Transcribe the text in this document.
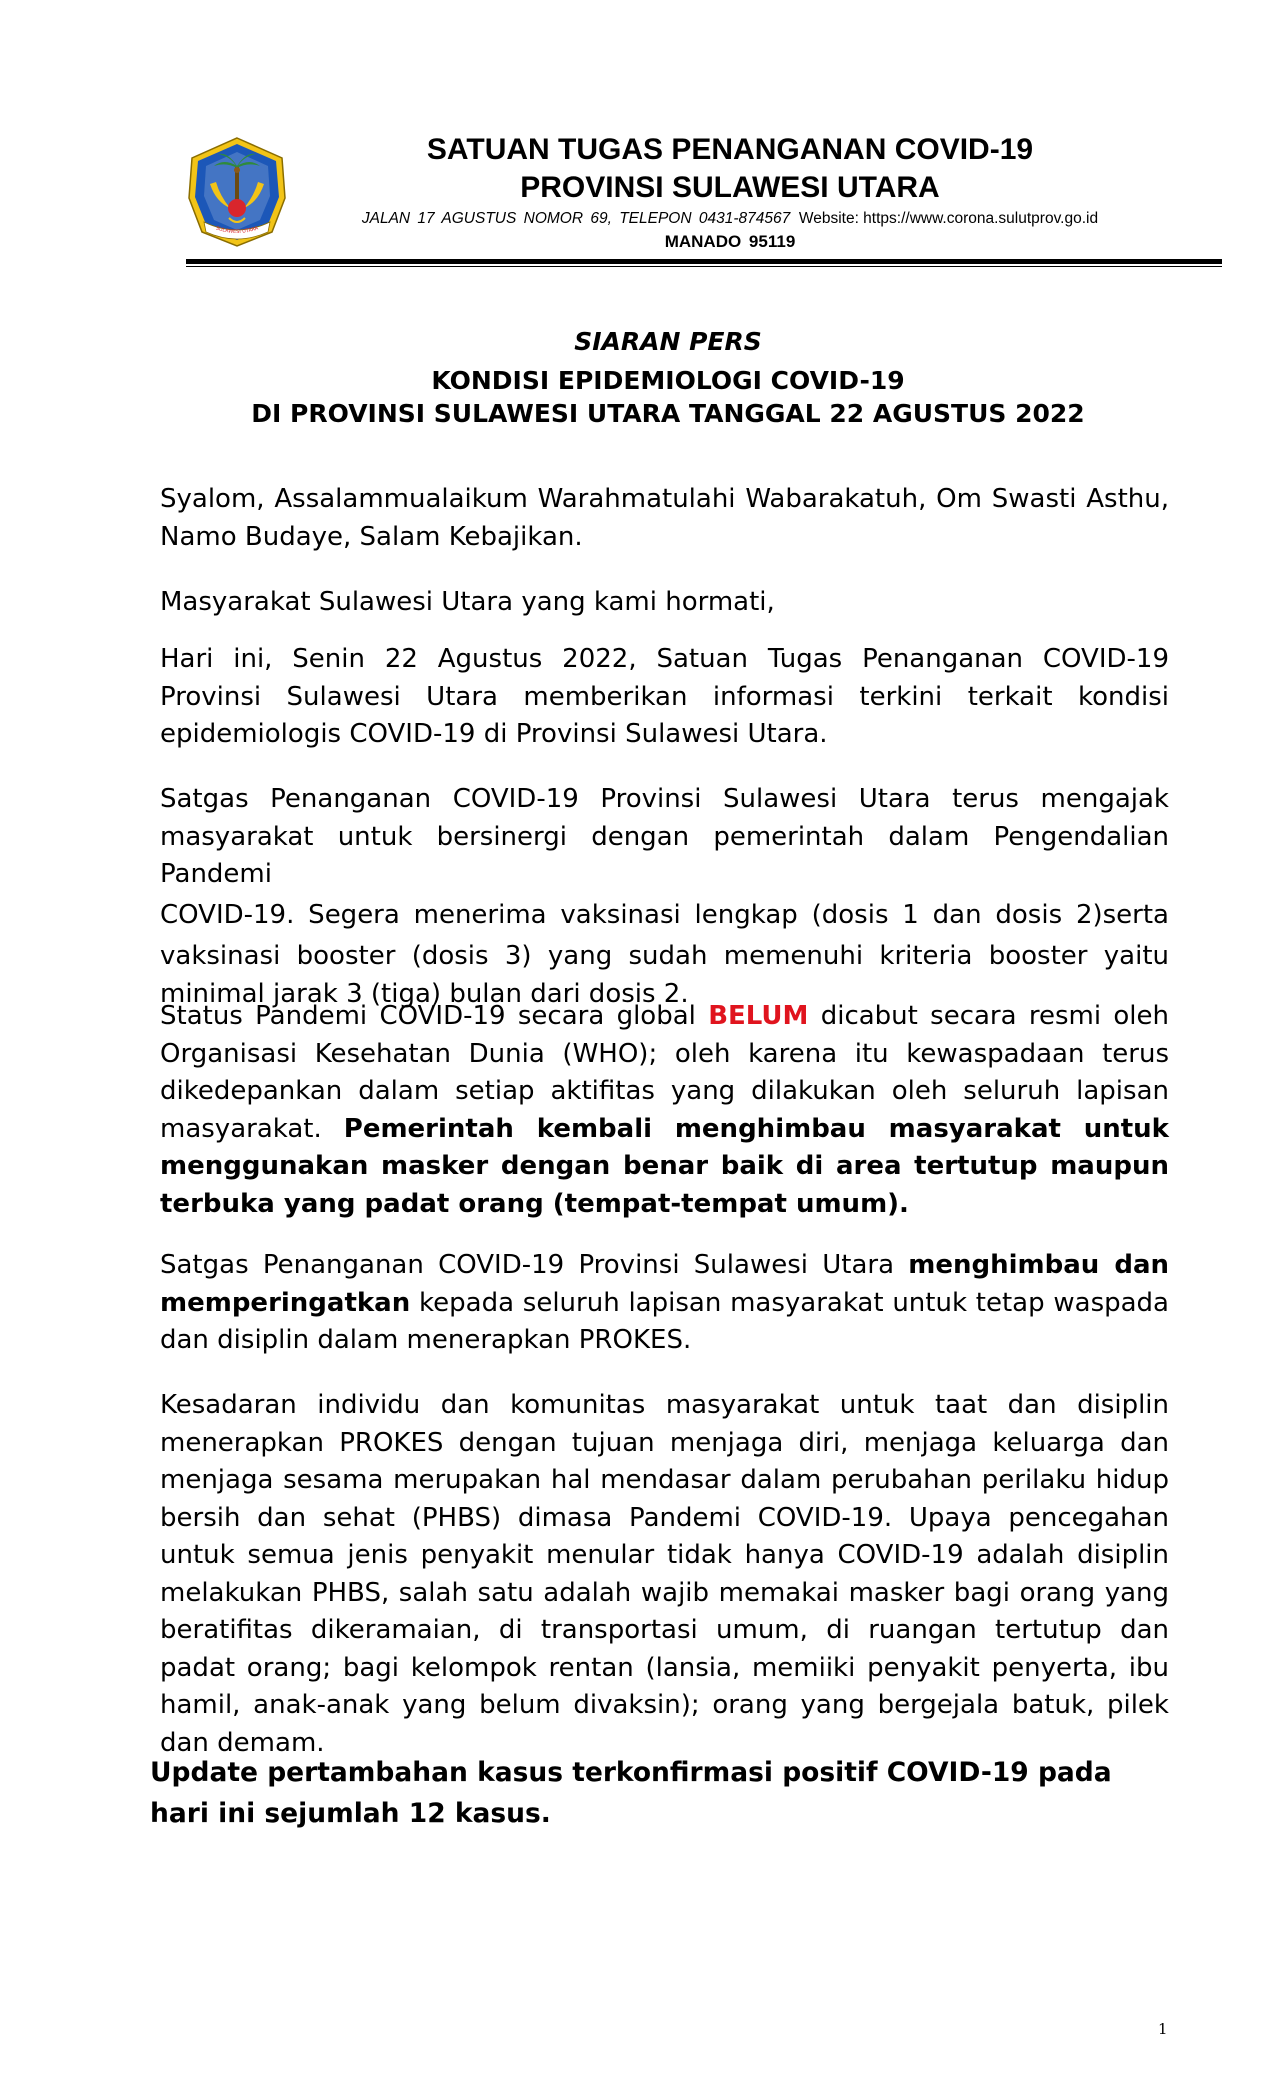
SULAWESI UTARA
SATUAN TUGAS PENANGANAN COVID-19
PROVINSI SULAWESI UTARA
JALAN 17 AGUSTUS NOMOR 69, TELEPON 0431-874567 Website: https://www.corona.sulutprov.go.id
MANADO 95119
SIARAN PERS
KONDISI EPIDEMIOLOGI COVID-19
DI PROVINSI SULAWESI UTARA TANGGAL 22 AGUSTUS 2022
Syalom, Assalammualaikum Warahmatulahi Wabarakatuh, Om Swasti Asthu, Namo Budaye, Salam Kebajikan.
Masyarakat Sulawesi Utara yang kami hormati,
Hari ini, Senin 22 Agustus 2022, Satuan Tugas Penanganan COVID-19 Provinsi Sulawesi Utara memberikan informasi terkini terkait kondisi epidemiologis COVID-19 di Provinsi Sulawesi Utara.
Satgas Penanganan COVID-19 Provinsi Sulawesi Utara terus mengajak
masyarakat untuk bersinergi dengan pemerintah dalam Pengendalian Pandemi
COVID-19. Segera menerima vaksinasi lengkap (dosis 1 dan dosis 2)serta
vaksinasi booster (dosis 3) yang sudah memenuhi kriteria booster yaitu
minimal jarak 3 (tiga) bulan dari dosis 2.
Status Pandemi COVID-19 secara global BELUM dicabut secara resmi oleh Organisasi Kesehatan Dunia (WHO); oleh karena itu kewaspadaan terus dikedepankan dalam setiap aktifitas yang dilakukan oleh seluruh lapisan masyarakat. Pemerintah kembali menghimbau masyarakat untuk menggunakan masker dengan benar baik di area tertutup maupun terbuka yang padat orang (tempat-tempat umum).
Satgas Penanganan COVID-19 Provinsi Sulawesi Utara menghimbau dan memperingatkan kepada seluruh lapisan masyarakat untuk tetap waspada dan disiplin dalam menerapkan PROKES.
Kesadaran individu dan komunitas masyarakat untuk taat dan disiplin menerapkan PROKES dengan tujuan menjaga diri, menjaga keluarga dan menjaga sesama merupakan hal mendasar dalam perubahan perilaku hidup bersih dan sehat (PHBS) dimasa Pandemi COVID-19. Upaya pencegahan untuk semua jenis penyakit menular tidak hanya COVID-19 adalah disiplin melakukan PHBS, salah satu adalah wajib memakai masker bagi orang yang beratifitas dikeramaian, di transportasi umum, di ruangan tertutup dan padat orang; bagi kelompok rentan (lansia, memiiki penyakit penyerta, ibu hamil, anak-anak yang belum divaksin); orang yang bergejala batuk, pilek dan demam.
Update pertambahan kasus terkonfirmasi positif COVID-19 pada hari ini sejumlah 12 kasus.
1
